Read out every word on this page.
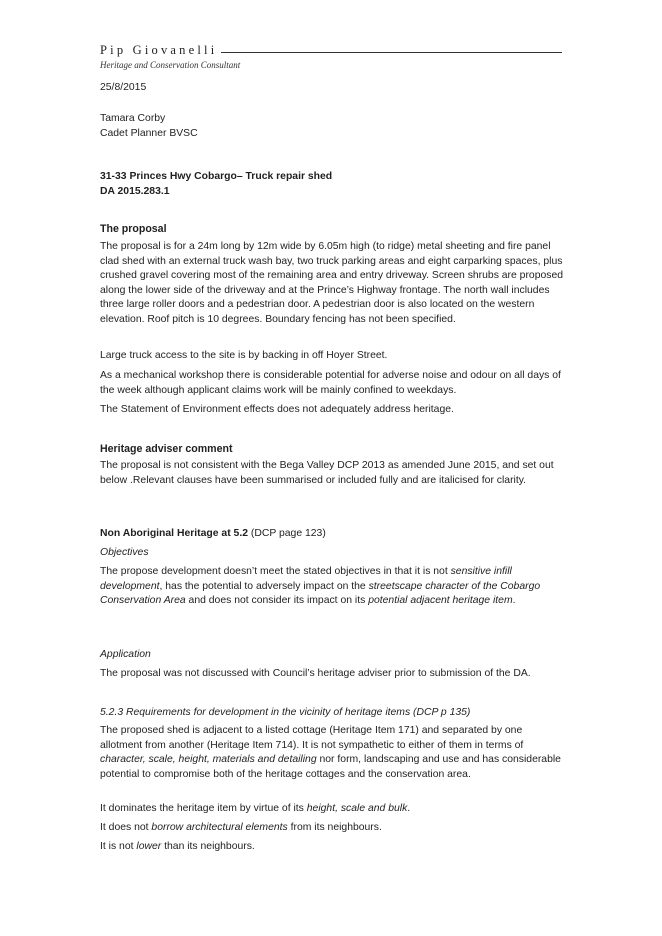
Pip Giovanelli
Heritage and Conservation Consultant
25/8/2015

Tamara Corby

Cadet Planner BVSC

31-33 Princes Hwy Cobargo– Truck repair shed

DA 2015.283.1

The proposal
The proposal is for a 24m long by 12m wide by 6.05m high (to ridge) metal sheeting and fire panel clad shed with an external truck wash bay, two truck parking areas and eight carparking spaces, plus crushed gravel covering most of the remaining area and entry driveway. Screen shrubs are proposed along the lower side of the driveway and at the Prince’s Highway frontage. The north wall includes three large roller doors and a pedestrian door. A pedestrian door is also located on the western elevation. Roof pitch is 10 degrees. Boundary fencing has not been specified.
Large truck access to the site is by backing in off Hoyer Street.
As a mechanical workshop there is considerable potential for adverse noise and odour on all days of the week although applicant claims work will be mainly confined to weekdays.
The Statement of Environment effects does not adequately address heritage.
Heritage adviser comment
The proposal is not consistent with the Bega Valley DCP 2013 as amended June 2015, and set out below .Relevant clauses have been summarised or included fully and are italicised for clarity.
Non Aboriginal Heritage at 5.2 (DCP page 123)
Objectives
The propose development doesn’t meet the stated objectives in that it is not sensitive infill development, has the potential to adversely impact on the streetscape character of the Cobargo Conservation Area and does not consider its impact on its potential adjacent heritage item.
Application
The proposal was not discussed with Council’s heritage adviser prior to submission of the DA.
5.2.3 Requirements for development in the vicinity of heritage items (DCP p 135)
The proposed shed is adjacent to a listed cottage (Heritage Item 171) and separated by one allotment from another (Heritage Item 714). It is not sympathetic to either of them in terms of character, scale, height, materials and detailing nor form, landscaping and use and has considerable potential to compromise both of the heritage cottages and the conservation area.
It dominates the heritage item by virtue of its height, scale and bulk.
It does not borrow architectural elements from its neighbours.
It is not lower than its neighbours.
